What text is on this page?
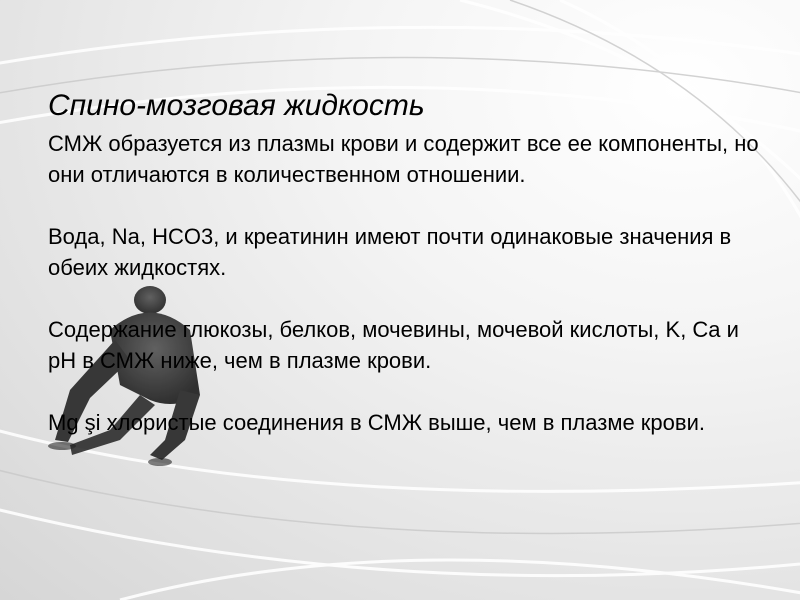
Спино-мозговая жидкость

СМЖ образуется из плазмы крови и содержит все ее компоненты, но они отличаются в количественном отношении.

Вода, Na, HCO3, и креатинин имеют почти одинаковые значения в обеих жидкостях.

Содержание глюкозы, белков, мочевины, мочевой кислоты, K, Ca и pH в СМЖ ниже, чем в плазме крови.

Mg şi хлористые соединения в СМЖ выше, чем в плазме крови.
